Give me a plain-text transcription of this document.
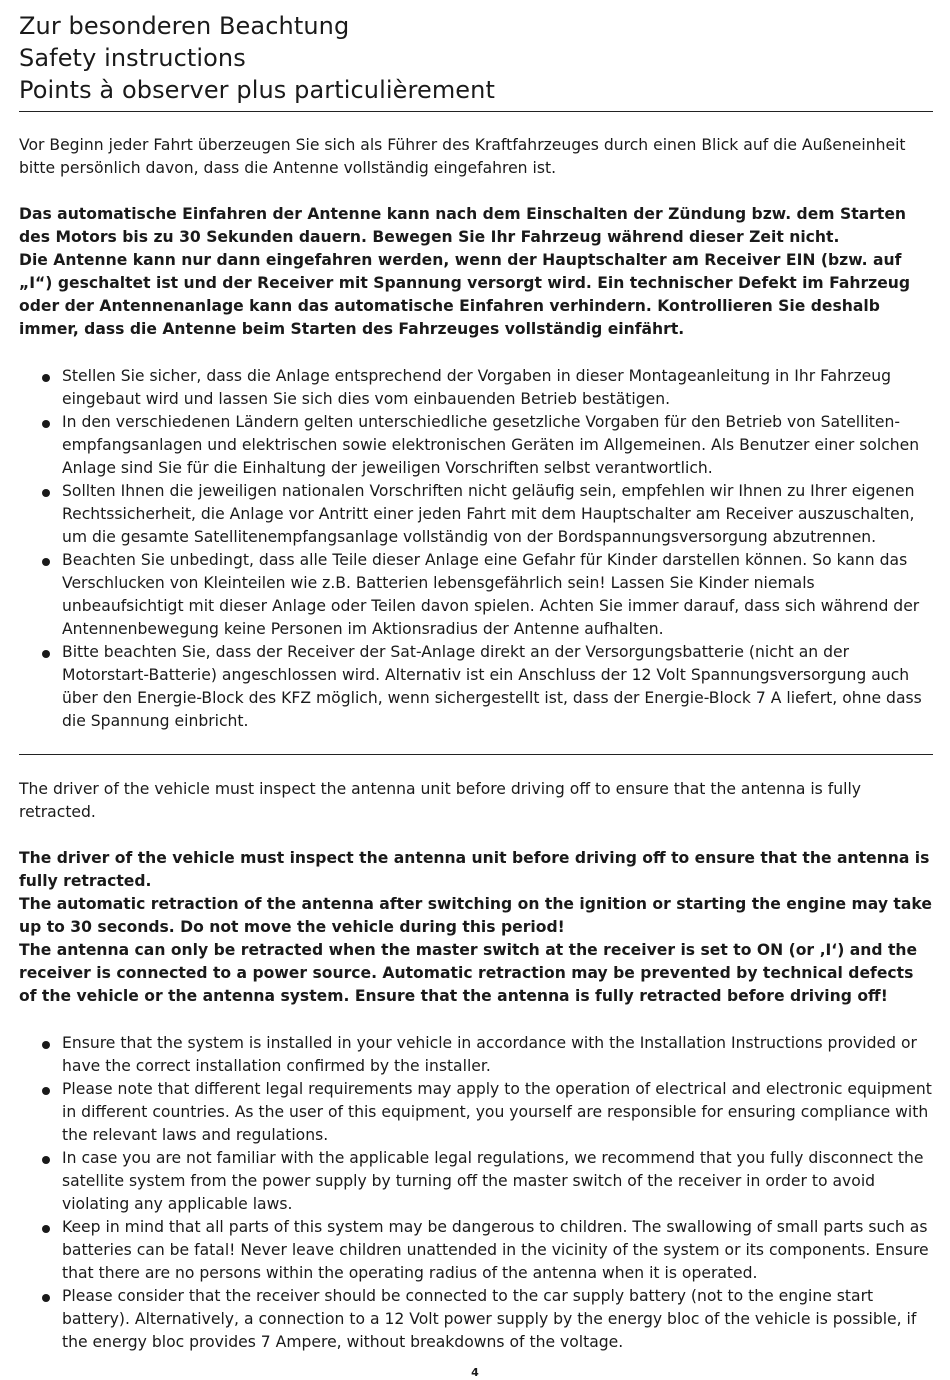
Zur besonderen Beachtung
Safety instructions
Points à observer plus particulièrement

Vor Beginn jeder Fahrt überzeugen Sie sich als Führer des Kraftfahrzeuges durch einen Blick auf die Außeneinheit bitte persönlich davon, dass die Antenne vollständig eingefahren ist.

Das automatische Einfahren der Antenne kann nach dem Einschalten der Zündung bzw. dem Starten des Motors bis zu 30 Sekunden dauern. Bewegen Sie Ihr Fahrzeug während dieser Zeit nicht.

Die Antenne kann nur dann eingefahren werden, wenn der Hauptschalter am Receiver EIN (bzw. auf „I“) geschaltet ist und der Receiver mit Spannung versorgt wird. Ein technischer Defekt im Fahrzeug oder der Antennenanlage kann das automatische Einfahren verhindern. Kontrollieren Sie deshalb immer, dass die Antenne beim Starten des Fahrzeuges vollständig einfährt.

Stellen Sie sicher, dass die Anlage entsprechend der Vorgaben in dieser Montageanleitung in Ihr Fahrzeug eingebaut wird und lassen Sie sich dies vom einbauenden Betrieb bestätigen.
In den verschiedenen Ländern gelten unterschiedliche gesetzliche Vorgaben für den Betrieb von Satelliten-empfangsanlagen und elektrischen sowie elektronischen Geräten im Allgemeinen. Als Benutzer einer solchen Anlage sind Sie für die Einhaltung der jeweiligen Vorschriften selbst verantwortlich.
Sollten Ihnen die jeweiligen nationalen Vorschriften nicht geläufig sein, empfehlen wir Ihnen zu Ihrer eigenen Rechtssicherheit, die Anlage vor Antritt einer jeden Fahrt mit dem Hauptschalter am Receiver auszuschalten, um die gesamte Satellitenempfangsanlage vollständig von der Bordspannungsversorgung abzutrennen.
Beachten Sie unbedingt, dass alle Teile dieser Anlage eine Gefahr für Kinder darstellen können. So kann das Verschlucken von Kleinteilen wie z.B. Batterien lebensgefährlich sein! Lassen Sie Kinder niemals unbeaufsichtigt mit dieser Anlage oder Teilen davon spielen. Achten Sie immer darauf, dass sich während der Antennenbewegung keine Personen im Aktionsradius der Antenne aufhalten.
Bitte beachten Sie, dass der Receiver der Sat-Anlage direkt an der Versorgungsbatterie (nicht an der Motorstart-Batterie) angeschlossen wird. Alternativ ist ein Anschluss der 12 Volt Spannungsversorgung auch über den Energie-Block des KFZ möglich, wenn sichergestellt ist, dass der Energie-Block 7 A liefert, ohne dass die Spannung einbricht.

The driver of the vehicle must inspect the antenna unit before driving off to ensure that the antenna is fully retracted.

The driver of the vehicle must inspect the antenna unit before driving off to ensure that the antenna is fully retracted.

The automatic retraction of the antenna after switching on the ignition or starting the engine may take up to 30 seconds. Do not move the vehicle during this period!

The antenna can only be retracted when the master switch at the receiver is set to ON (or ‚I‘) and the receiver is connected to a power source. Automatic retraction may be prevented by technical defects of the vehicle or the antenna system. Ensure that the antenna is fully retracted before driving off!

Ensure that the system is installed in your vehicle in accordance with the Installation Instructions provided or have the correct installation confirmed by the installer.
Please note that different legal requirements may apply to the operation of electrical and electronic equipment in different countries. As the user of this equipment, you yourself are responsible for ensuring compliance with the relevant laws and regulations.
In case you are not familiar with the applicable legal regulations, we recommend that you fully disconnect the satellite system from the power supply by turning off the master switch of the receiver in order to avoid violating any applicable laws.
Keep in mind that all parts of this system may be dangerous to children. The swallowing of small parts such as batteries can be fatal! Never leave children unattended in the vicinity of the system or its components. Ensure that there are no persons within the operating radius of the antenna when it is operated.
Please consider that the receiver should be connected to the car supply battery (not to the engine start battery). Alternatively, a connection to a 12 Volt power supply by the energy bloc of the vehicle is possible, if the energy bloc provides 7 Ampere, without breakdowns of the voltage.
4
